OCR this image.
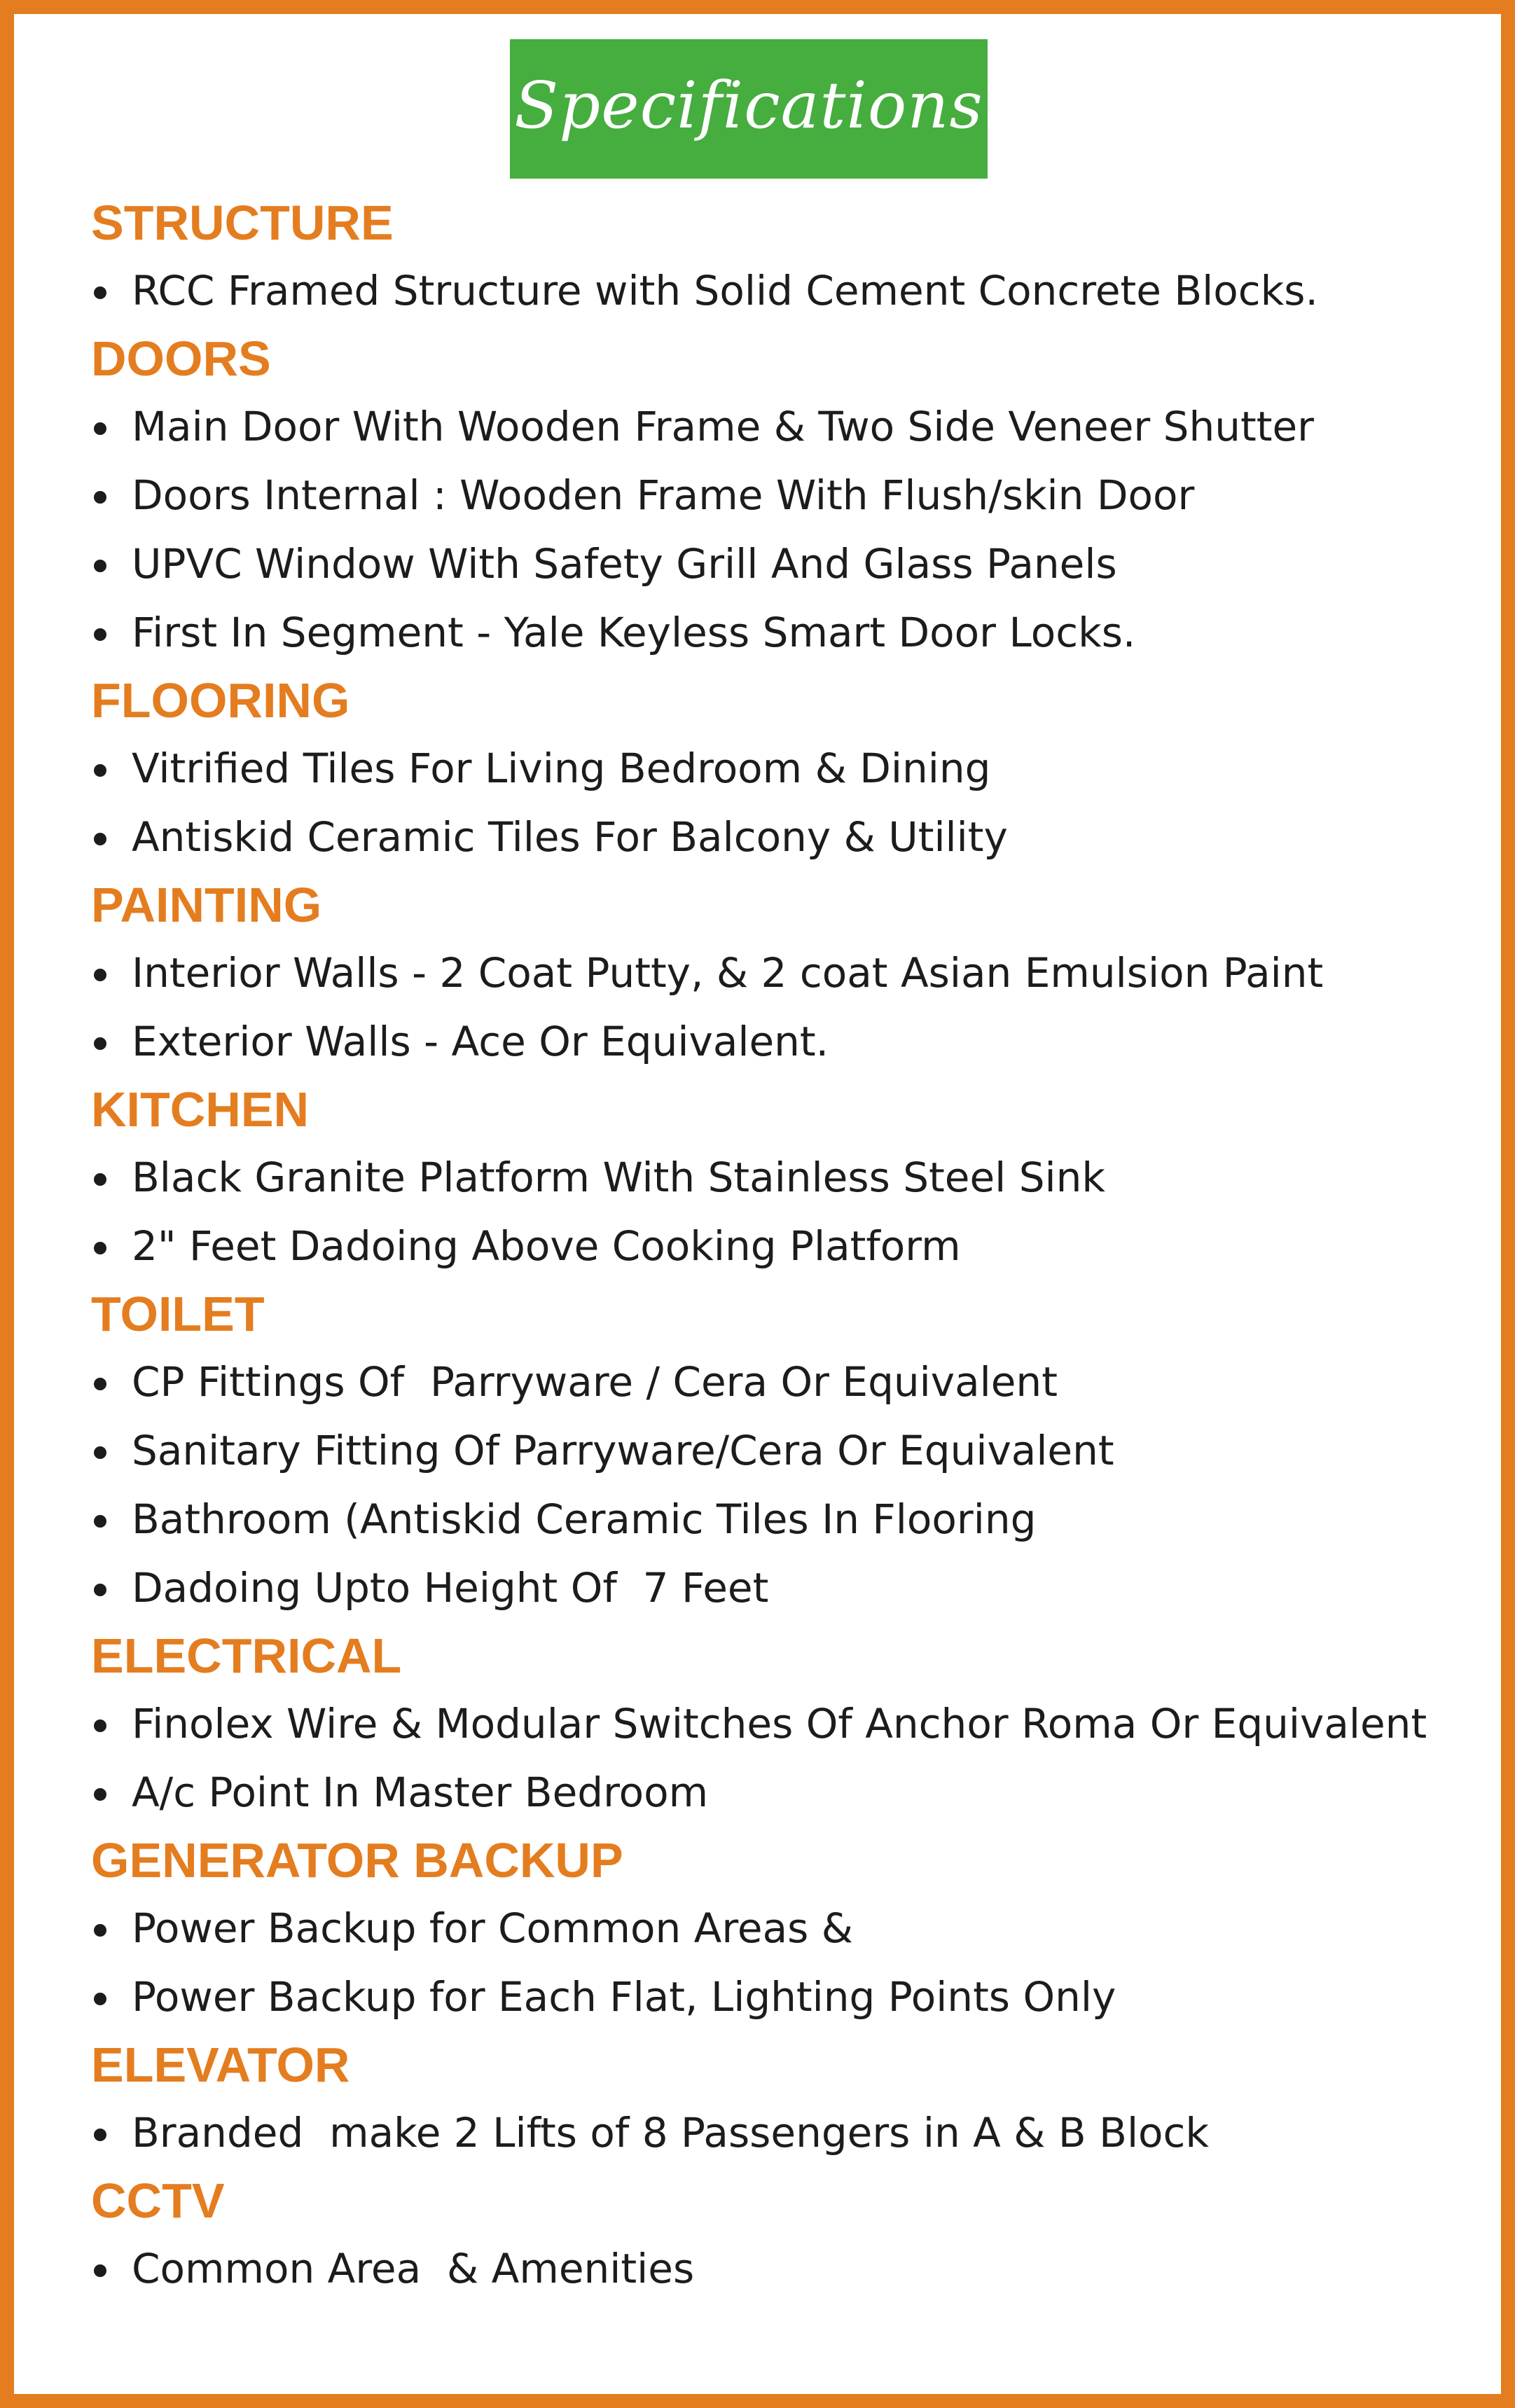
Specifications
STRUCTURE
RCC Framed Structure with Solid Cement Concrete Blocks.
DOORS
Main Door With Wooden Frame & Two Side Veneer Shutter
Doors Internal : Wooden Frame With Flush/skin Door
UPVC Window With Safety Grill And Glass Panels
First In Segment - Yale Keyless Smart Door Locks.
FLOORING
Vitrified Tiles For Living Bedroom & Dining
Antiskid Ceramic Tiles For Balcony & Utility
PAINTING
Interior Walls - 2 Coat Putty, & 2 coat Asian Emulsion Paint
Exterior Walls - Ace Or Equivalent.
KITCHEN
Black Granite Platform With Stainless Steel Sink
2" Feet Dadoing Above Cooking Platform
TOILET
CP Fittings Of  Parryware / Cera Or Equivalent
Sanitary Fitting Of Parryware/Cera Or Equivalent
Bathroom (Antiskid Ceramic Tiles In Flooring
Dadoing Upto Height Of  7 Feet
ELECTRICAL
Finolex Wire & Modular Switches Of Anchor Roma Or Equivalent
A/c Point In Master Bedroom
GENERATOR BACKUP
Power Backup for Common Areas &
Power Backup for Each Flat, Lighting Points Only
ELEVATOR
Branded  make 2 Lifts of 8 Passengers in A & B Block
CCTV
Common Area  & Amenities
